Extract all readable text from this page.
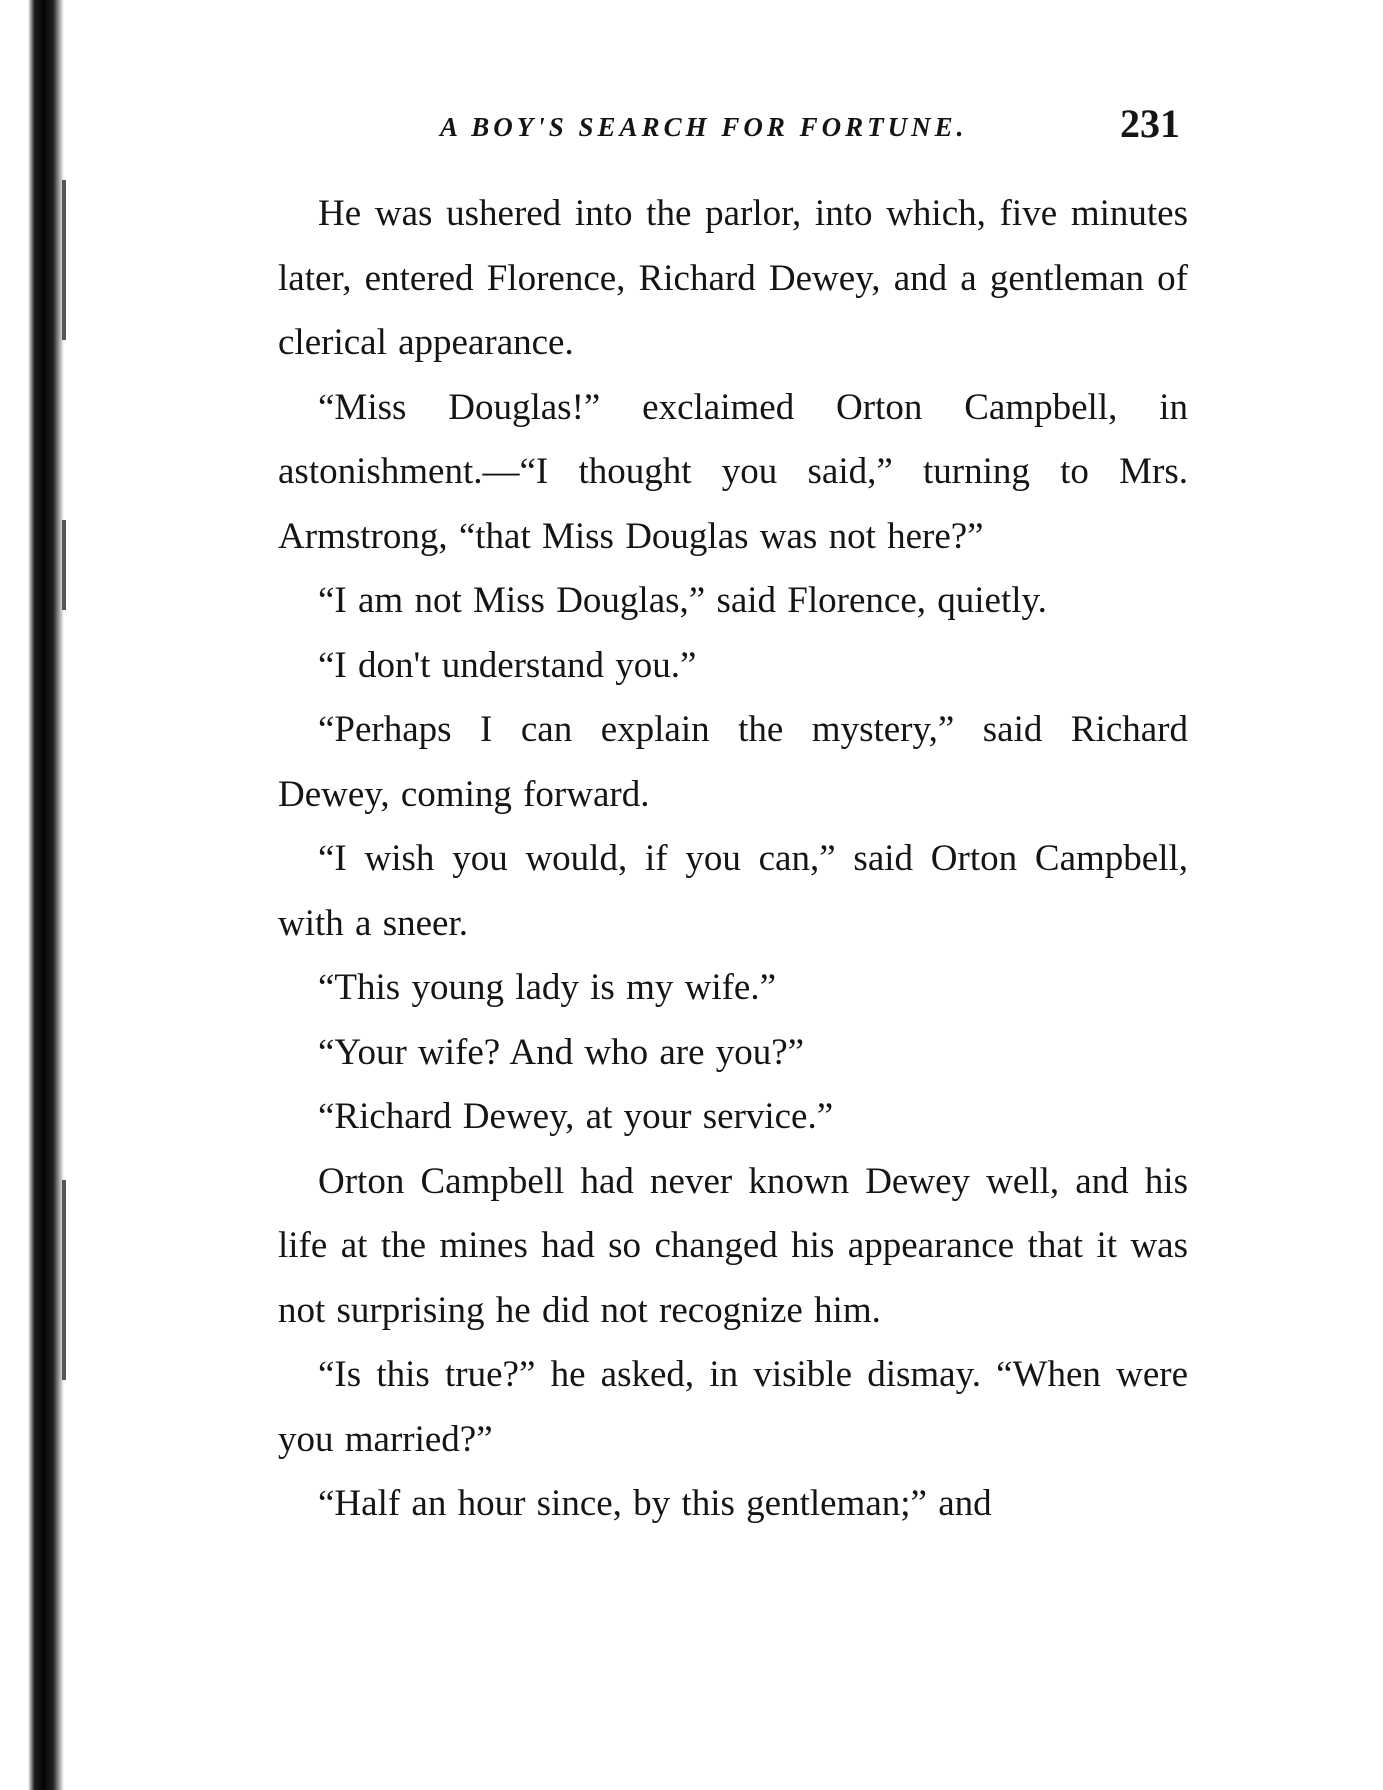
A BOY'S SEARCH FOR FORTUNE.	231

He was ushered into the parlor, into which, five minutes later, entered Florence, Richard Dewey, and a gentleman of clerical appearance.

“Miss Douglas!” exclaimed Orton Campbell, in astonishment.—“I thought you said,” turning to Mrs. Armstrong, “that Miss Douglas was not here?”

“I am not Miss Douglas,” said Florence, quietly.

“I don't understand you.”

“Perhaps I can explain the mystery,” said Richard Dewey, coming forward.

“I wish you would, if you can,” said Orton Campbell, with a sneer.

“This young lady is my wife.”

“Your wife? And who are you?”

“Richard Dewey, at your service.”

Orton Campbell had never known Dewey well, and his life at the mines had so changed his appearance that it was not surprising he did not recognize him.

“Is this true?” he asked, in visible dismay. “When were you married?”

“Half an hour since, by this gentleman;” and
